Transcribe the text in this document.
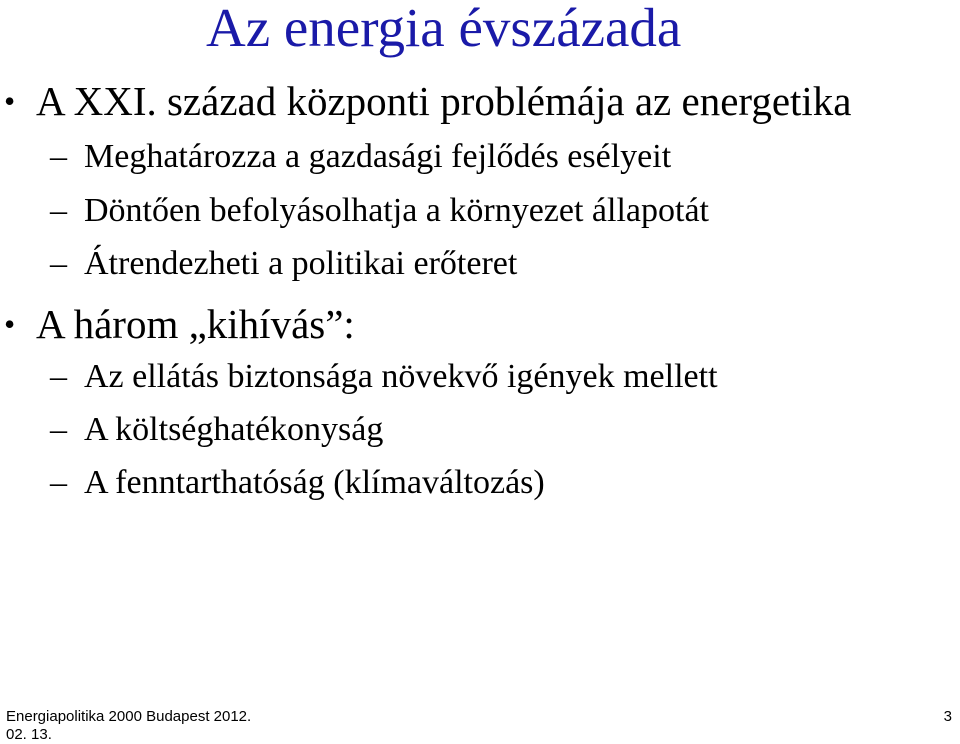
Az energia évszázada
• A XXI. század központi problémája az energetika
– Meghatározza a gazdasági fejlődés esélyeit
– Döntően befolyásolhatja a környezet állapotát
– Átrendezheti a politikai erőteret
• A három „kihívás”:
– Az ellátás biztonsága növekvő igények mellett
– A költséghatékonyság
– A fenntarthatóság (klímaváltozás)
Energiapolitika 2000 Budapest 2012. 02. 13.
3
